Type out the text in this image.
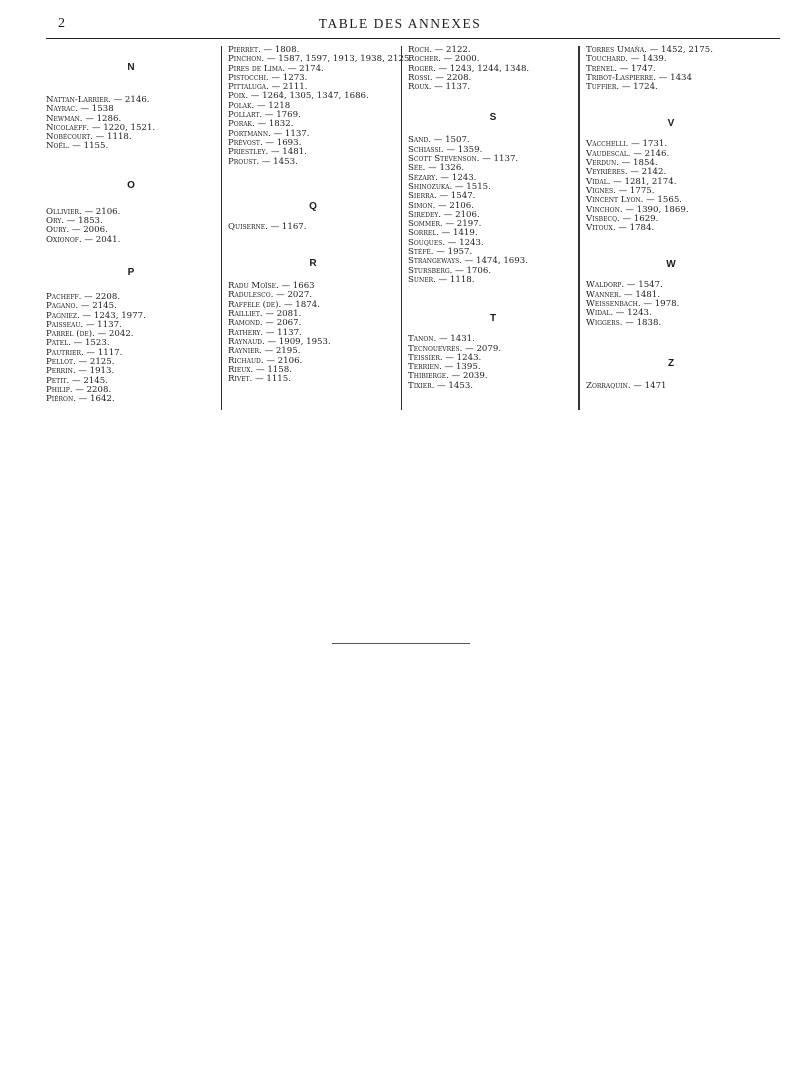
2	TABLE DES ANNEXES
N
Nattan-Larrier. — 2146.
Nayrac. — 1538
Newman. — 1286.
Nicolaeff. — 1220, 1521.
Nobécourt. — 1118.
Noël. — 1155.
O
Ollivier. — 2106.
Ory. — 1853.
Oury. — 2006.
Oxionof. — 2041.
P
Pacheff. — 2208.
Pagano. — 2145.
Pagniez. — 1243, 1977.
Paisseau. — 1137.
Parrel (de). — 2042.
Patel. — 1523.
Pautrier. — 1117.
Pellot. — 2125.
Perrin. — 1913.
Petit. — 2145.
Philip. — 2208.
Piéron. — 1642.
Pierret. — 1808.
Pinchon. — 1587, 1597, 1913, 1938, 2125.
Pires de Lima. — 2174.
Pistocchi. — 1273.
Pittaluga. — 2111.
Poix. — 1264, 1305, 1347, 1686.
Polak. — 1218
Pollart. — 1769.
Porak. — 1832.
Portmann. — 1137.
Prévost. — 1693.
Priestley. — 1481.
Proust. — 1453.
Q
Quiserne. — 1167.
R
Radu Moïse. — 1663
Radulesco. — 2027.
Raffele (de). — 1874.
Railliet. — 2081.
Ramond. — 2067.
Rathery. — 1137.
Raynaud. — 1909, 1953.
Raynier. — 2195.
Richaud. — 2106.
Rieux. — 1158.
Rivet. — 1115.
Roch. — 2122.
Rocher. — 2000.
Roger. — 1243, 1244, 1348.
Rossi. — 2208.
Roux. — 1137.
S
Sand. — 1507.
Schiassi. — 1359.
Scott Stevenson. — 1137.
Sée. — 1326.
Sézary. — 1243.
Shinozuka. — 1515.
Sierra. — 1547.
Simon. — 2106.
Siredey. — 2106.
Sommer. — 2197.
Sorrel. — 1419.
Souques. — 1243.
Stéfé. — 1957.
Strangeways. — 1474, 1693.
Stursberg. — 1706.
Suner. — 1118.
T
Tanon. — 1431.
Tecnouevres. — 2079.
Teissier. — 1243.
Terrien. — 1395.
Thibierge. — 2039.
Tixier. — 1453.
Torres Umaña. — 1452, 2175.
Touchard. — 1439.
Trénel. — 1747.
Tribot-Laspierre. — 1434
Tuffier. — 1724.
V
Vacchelli. — 1731.
Vaudescal. — 2146.
Verdun. — 1854.
Veyrières. — 2142.
Vidal. — 1281, 2174.
Vignes. — 1775.
Vincent Lyon. — 1565.
Vinchon. — 1390, 1869.
Visbecq. — 1629.
Vitoux. — 1784.
W
Waldorp. — 1547.
Wanner. — 1481.
Weissenbach. — 1978.
Widal. — 1243.
Wiggers. — 1838.
Z
Zorraquin. — 1471
